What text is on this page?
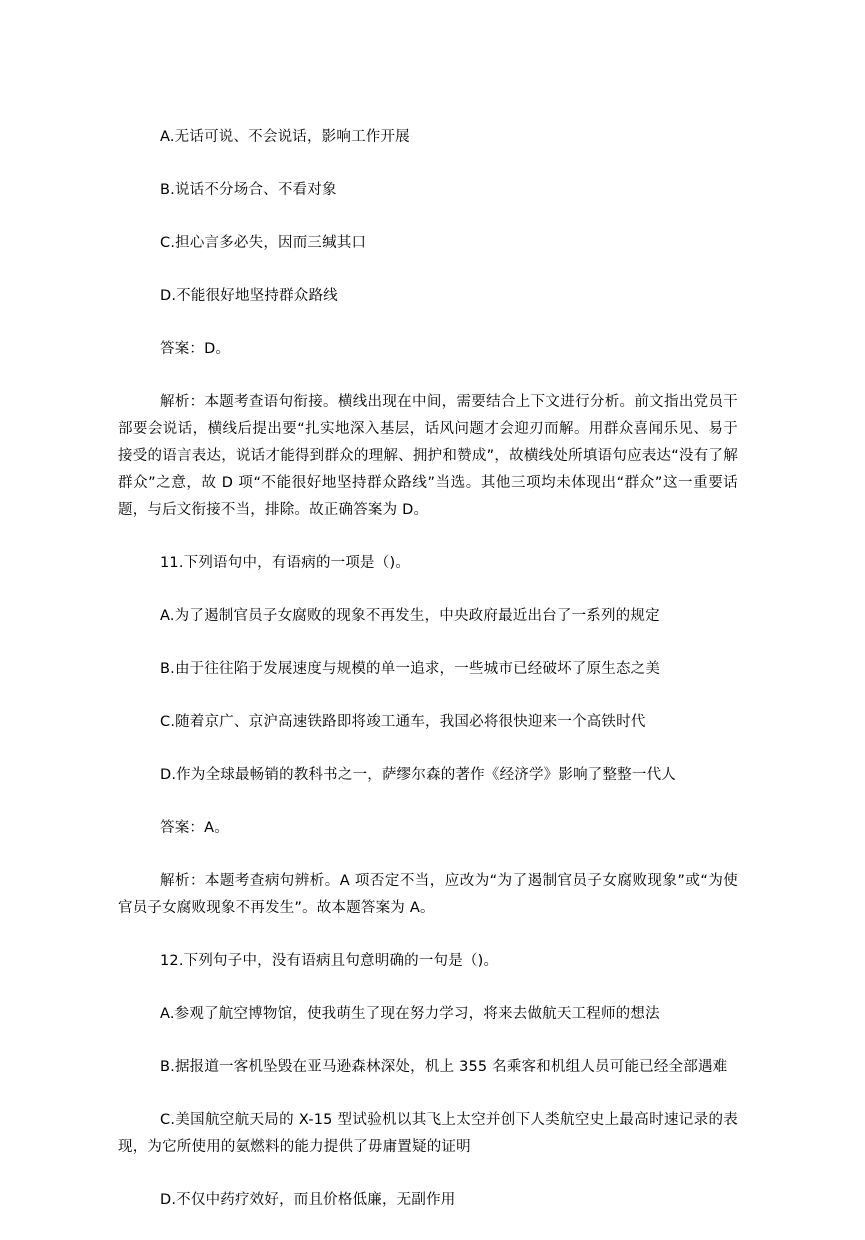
A.无话可说、不会说话，影响工作开展

B.说话不分场合、不看对象

C.担心言多必失，因而三缄其口

D.不能很好地坚持群众路线

答案：D。

解析：本题考查语句衔接。横线出现在中间，需要结合上下文进行分析。前文指出党员干部要会说话，横线后提出要“扎实地深入基层，话风问题才会迎刃而解。用群众喜闻乐见、易于接受的语言表达，说话才能得到群众的理解、拥护和赞成”，故横线处所填语句应表达“没有了解群众”之意，故 D 项“不能很好地坚持群众路线”当选。其他三项均未体现出“群众”这一重要话题，与后文衔接不当，排除。故正确答案为 D。

11.下列语句中，有语病的一项是（)。

A.为了遏制官员子女腐败的现象不再发生，中央政府最近出台了一系列的规定

B.由于往往陷于发展速度与规模的单一追求，一些城市已经破坏了原生态之美

C.随着京广、京沪高速铁路即将竣工通车，我国必将很快迎来一个高铁时代

D.作为全球最畅销的教科书之一，萨缪尔森的著作《经济学》影响了整整一代人

答案：A。

解析：本题考查病句辨析。A 项否定不当，应改为“为了遏制官员子女腐败现象”或“为使官员子女腐败现象不再发生”。故本题答案为 A。

12.下列句子中，没有语病且句意明确的一句是（)。

A.参观了航空博物馆，使我萌生了现在努力学习，将来去做航天工程师的想法

B.据报道一客机坠毁在亚马逊森林深处，机上 355 名乘客和机组人员可能已经全部遇难

C.美国航空航天局的 X-15 型试验机以其飞上太空并创下人类航空史上最高时速记录的表现，为它所使用的氨燃料的能力提供了毋庸置疑的证明

D.不仅中药疗效好，而且价格低廉，无副作用
